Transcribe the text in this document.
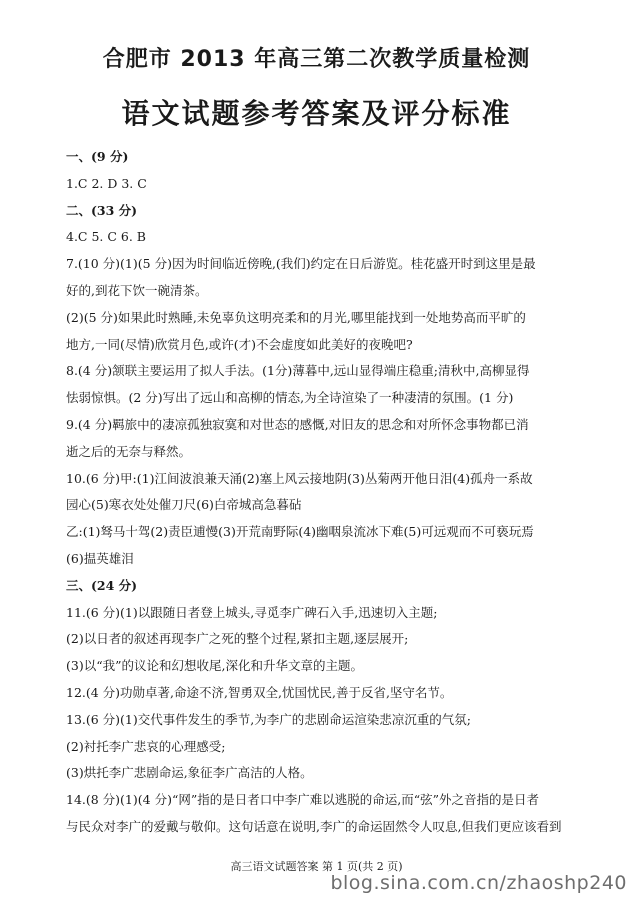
合肥市 2013 年高三第二次教学质量检测
语文试题参考答案及评分标准
一、(9 分)
1.C 2. D 3. C
二、(33 分)
4.C 5. C 6. B
7.(10 分)(1)(5 分)因为时间临近傍晚,(我们)约定在日后游览。桂花盛开时到这里是最
好的,到花下饮一碗清茶。
(2)(5 分)如果此时熟睡,未免辜负这明亮柔和的月光,哪里能找到一处地势高而平旷的
地方,一同(尽情)欣赏月色,或许(才)不会虚度如此美好的夜晚吧?
8.(4 分)颔联主要运用了拟人手法。(1分)薄暮中,远山显得端庄稳重;清秋中,高柳显得
怯弱惊惧。(2 分)写出了远山和高柳的情态,为全诗渲染了一种凄清的氛围。(1 分)
9.(4 分)羁旅中的凄凉孤独寂寞和对世态的感慨,对旧友的思念和对所怀念事物都已消
逝之后的无奈与释然。
10.(6 分)甲:(1)江间波浪兼天涌(2)塞上风云接地阴(3)丛菊两开他日泪(4)孤舟一系故
园心(5)寒衣处处催刀尺(6)白帝城高急暮砧
乙:(1)驽马十驾(2)责臣逋慢(3)开荒南野际(4)幽咽泉流冰下难(5)可远观而不可亵玩焉
(6)揾英雄泪
三、(24 分)
11.(6 分)(1)以跟随日者登上城头,寻觅李广碑石入手,迅速切入主题;
(2)以日者的叙述再现李广之死的整个过程,紧扣主题,逐层展开;
(3)以“我”的议论和幻想收尾,深化和升华文章的主题。
12.(4 分)功勋卓著,命途不济,智勇双全,忧国忧民,善于反省,坚守名节。
13.(6 分)(1)交代事件发生的季节,为李广的悲剧命运渲染悲凉沉重的气氛;
(2)衬托李广悲哀的心理感受;
(3)烘托李广悲剧命运,象征李广高洁的人格。
14.(8 分)(1)(4 分)“网”指的是日者口中李广难以逃脱的命运,而“弦”外之音指的是日者
与民众对李广的爱戴与敬仰。这句话意在说明,李广的命运固然令人叹息,但我们更应该看到
高三语文试题答案 第 1 页(共 2 页)
blog.sina.com.cn/zhaoshp240
